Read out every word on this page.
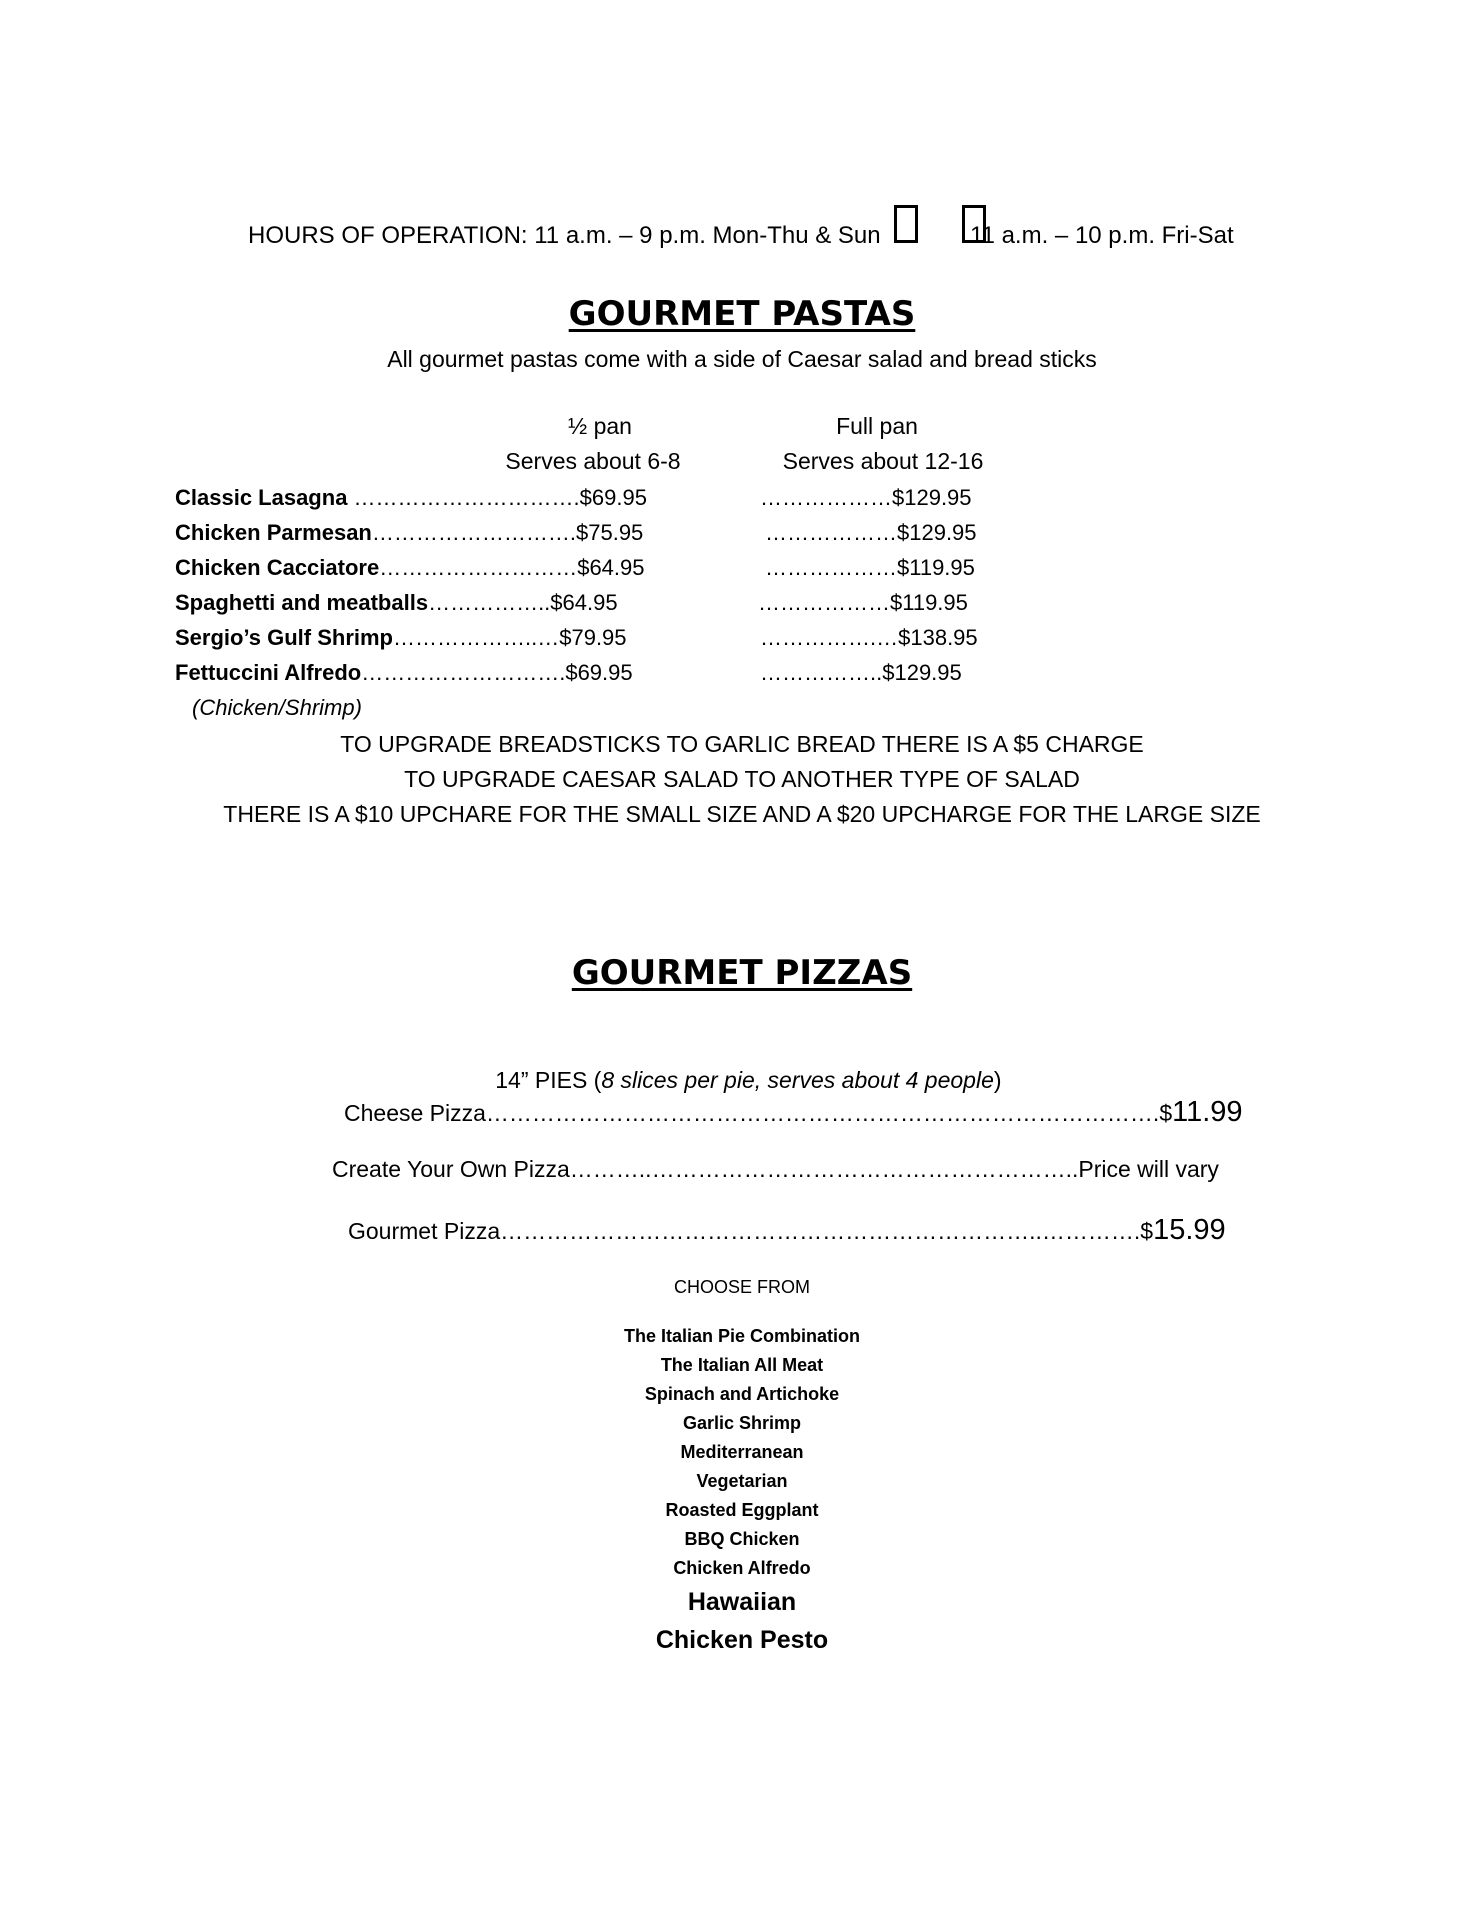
HOURS OF OPERATION: 11 a.m. – 9 p.m. Mon-Thu & Sun	11 a.m. – 10 p.m. Fri-Sat
GOURMET PASTAS
All gourmet pastas come with a side of Caesar salad and bread sticks
½ pan
Serves about 6-8
Full pan
Serves about 12-16
Classic Lasagna ………………………….$69.95	………………$129.95
Chicken Parmesan……………………….$75.95	………………$129.95
Chicken Cacciatore………………………$64.95	………………$119.95
Spaghetti and meatballs……………..$64.95	………………$119.95
Sergio’s Gulf Shrimp………………..…$79.95	…………….…$138.95
Fettuccini Alfredo……………………….$69.95	……………..$129.95
(Chicken/Shrimp)
TO UPGRADE BREADSTICKS TO GARLIC BREAD THERE IS A $5 CHARGE
TO UPGRADE CAESAR SALAD TO ANOTHER TYPE OF SALAD
THERE IS A $10 UPCHARE FOR THE SMALL SIZE AND A $20 UPCHARGE FOR THE LARGE SIZE
GOURMET PIZZAS

14” PIES (8 slices per pie, serves about 4 people)

Cheese Pizza…………………………………………………………………………….$11.99
Create Your Own Pizza………..………………………………………………..Price will vary
Gourmet Pizza……………………………………………………………..………….$15.99
CHOOSE FROM
The Italian Pie Combination
The Italian All Meat
Spinach and Artichoke
Garlic Shrimp
Mediterranean
Vegetarian
Roasted Eggplant
BBQ Chicken
Chicken Alfredo
Hawaiian
Chicken Pesto
